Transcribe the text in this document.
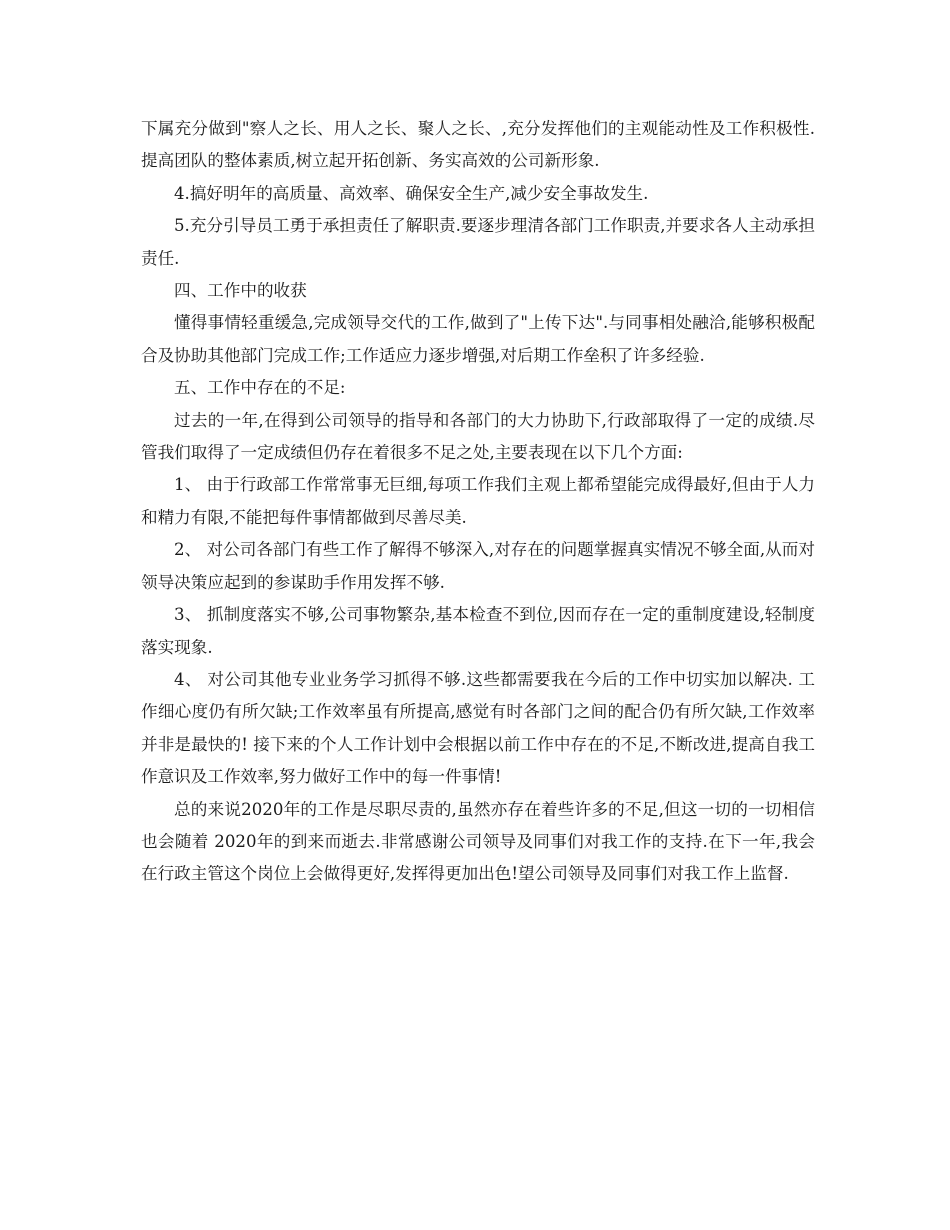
下属充分做到"察人之长、用人之长、聚人之长、,充分发挥他们的主观能动性及工作积极性.提高团队的整体素质,树立起开拓创新、务实高效的公司新形象.

4.搞好明年的高质量、高效率、确保安全生产,减少安全事故发生.

5.充分引导员工勇于承担责任了解职责.要逐步理清各部门工作职责,并要求各人主动承担责任.

四、工作中的收获

懂得事情轻重缓急,完成领导交代的工作,做到了"上传下达".与同事相处融洽,能够积极配合及协助其他部门完成工作;工作适应力逐步增强,对后期工作垒积了许多经验.

五、工作中存在的不足:

过去的一年,在得到公司领导的指导和各部门的大力协助下,行政部取得了一定的成绩.尽管我们取得了一定成绩但仍存在着很多不足之处,主要表现在以下几个方面:

1、 由于行政部工作常常事无巨细,每项工作我们主观上都希望能完成得最好,但由于人力和精力有限,不能把每件事情都做到尽善尽美.

2、 对公司各部门有些工作了解得不够深入,对存在的问题掌握真实情况不够全面,从而对领导决策应起到的参谋助手作用发挥不够.

3、 抓制度落实不够,公司事物繁杂,基本检查不到位,因而存在一定的重制度建设,轻制度落实现象.

4、 对公司其他专业业务学习抓得不够.这些都需要我在今后的工作中切实加以解决. 工作细心度仍有所欠缺;工作效率虽有所提高,感觉有时各部门之间的配合仍有所欠缺,工作效率并非是最快的! 接下来的个人工作计划中会根据以前工作中存在的不足,不断改进,提高自我工作意识及工作效率,努力做好工作中的每一件事情!

总的来说2020年的工作是尽职尽责的,虽然亦存在着些许多的不足,但这一切的一切相信也会随着 2020年的到来而逝去.非常感谢公司领导及同事们对我工作的支持.在下一年,我会在行政主管这个岗位上会做得更好,发挥得更加出色!望公司领导及同事们对我工作上监督.
